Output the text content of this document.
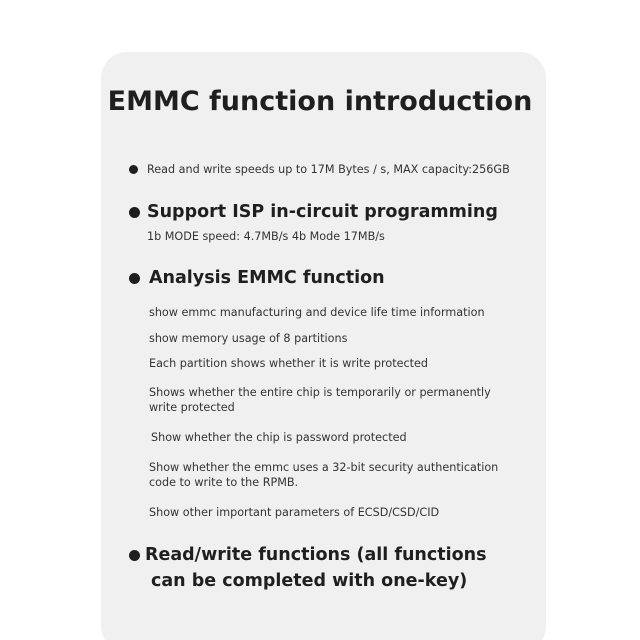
EMMC function introduction
Read and write speeds up to 17M Bytes / s, MAX capacity:256GB
Support ISP in-circuit programming
1b MODE speed: 4.7MB/s 4b Mode 17MB/s
Analysis EMMC function
show emmc manufacturing and device life time information
show memory usage of 8 partitions
Each partition shows whether it is write protected
Shows whether the entire chip is temporarily or permanently
write protected
Show whether the chip is password protected
Show whether the emmc uses a 32-bit security authentication
code to write to the RPMB.
Show other important parameters of ECSD/CSD/CID
Read/write functions (all functions
can be completed with one-key)
